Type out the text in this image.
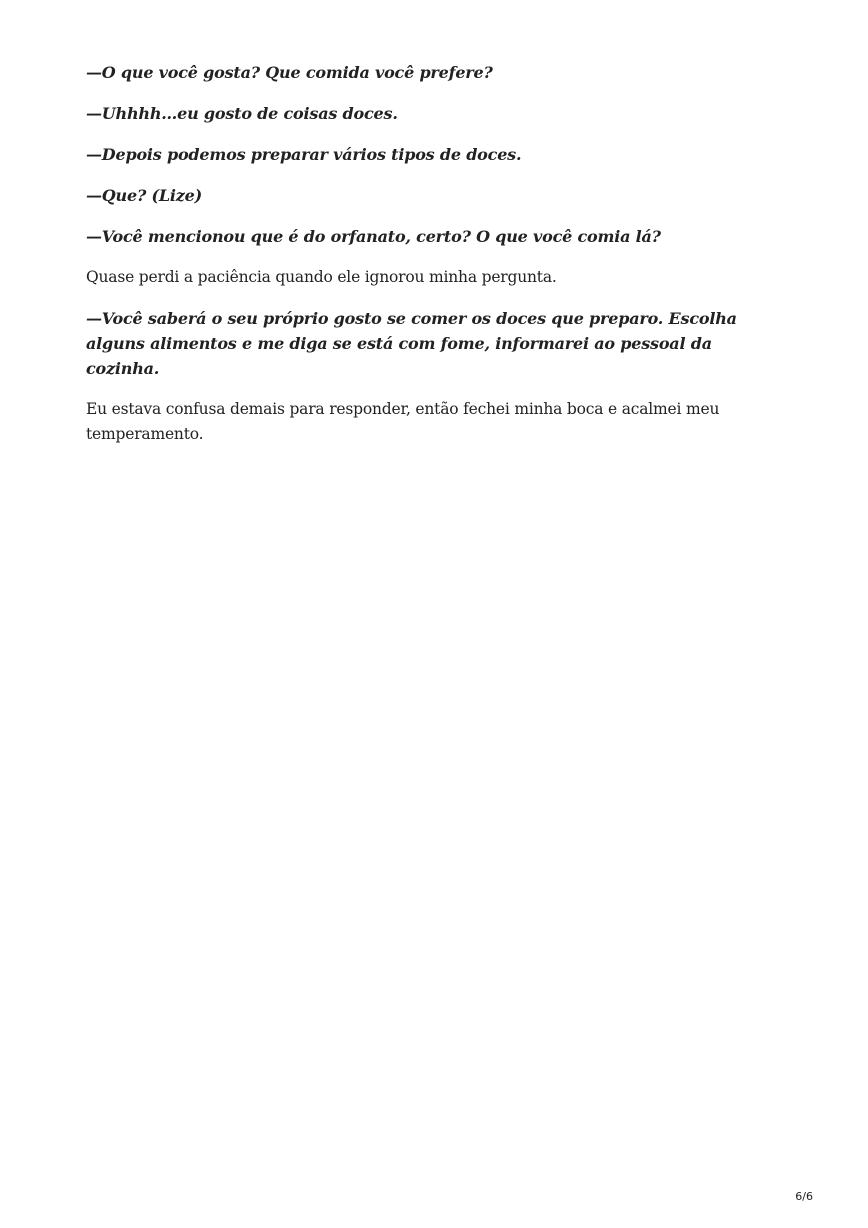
—O que você gosta? Que comida você prefere?

—Uhhhh…eu gosto de coisas doces.

—Depois podemos preparar vários tipos de doces.

—Que? (Lize)

—Você mencionou que é do orfanato, certo? O que você comia lá?

Quase perdi a paciência quando ele ignorou minha pergunta.

—Você saberá o seu próprio gosto se comer os doces que preparo. Escolha alguns alimentos e me diga se está com fome, informarei ao pessoal da cozinha.

Eu estava confusa demais para responder, então fechei minha boca e acalmei meu temperamento.

6/6
